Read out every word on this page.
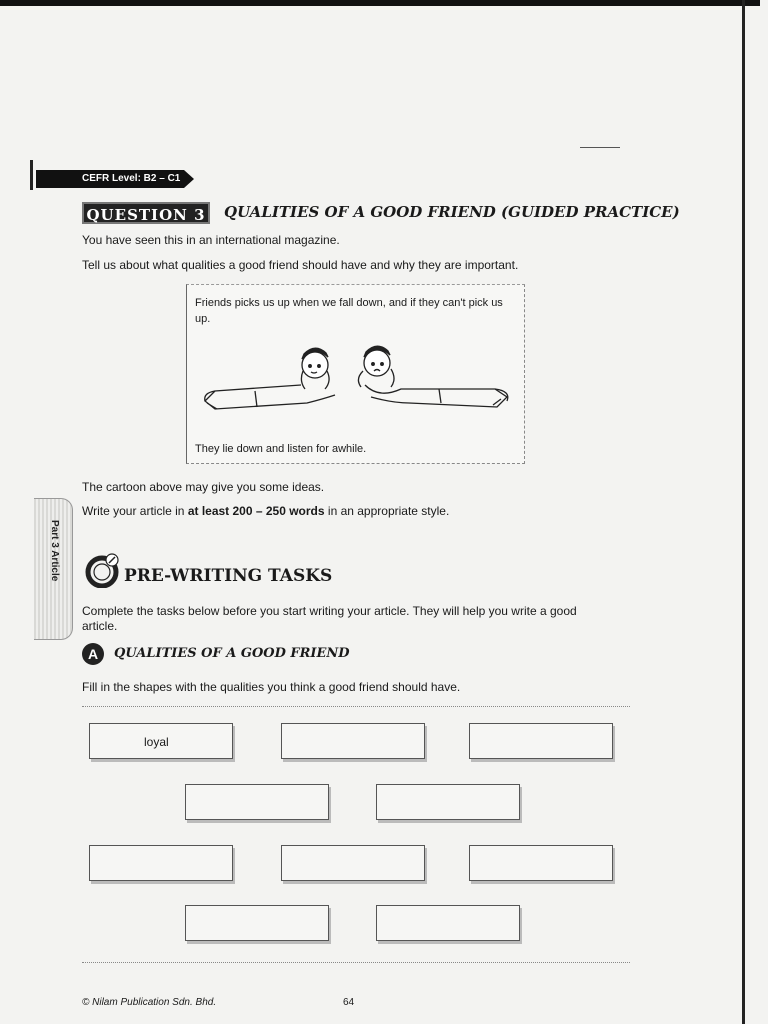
CEFR Level: B2 – C1
QUESTION 3 QUALITIES OF A GOOD FRIEND (GUIDED PRACTICE)
You have seen this in an international magazine.
Tell us about what qualities a good friend should have and why they are important.
Friends picks us up when we fall down, and if they can't pick us up.
They lie down and listen for awhile.
The cartoon above may give you some ideas.
Write your article in at least 200 – 250 words in an appropriate style.
Part 3 Article	PRE-WRITING TASKS
Complete the tasks below before you start writing your article. They will help you write a good
article.
A	QUALITIES OF A GOOD FRIEND
Fill in the shapes with the qualities you think a good friend should have.
loyal
© Nilam Publication Sdn. Bhd.	64
